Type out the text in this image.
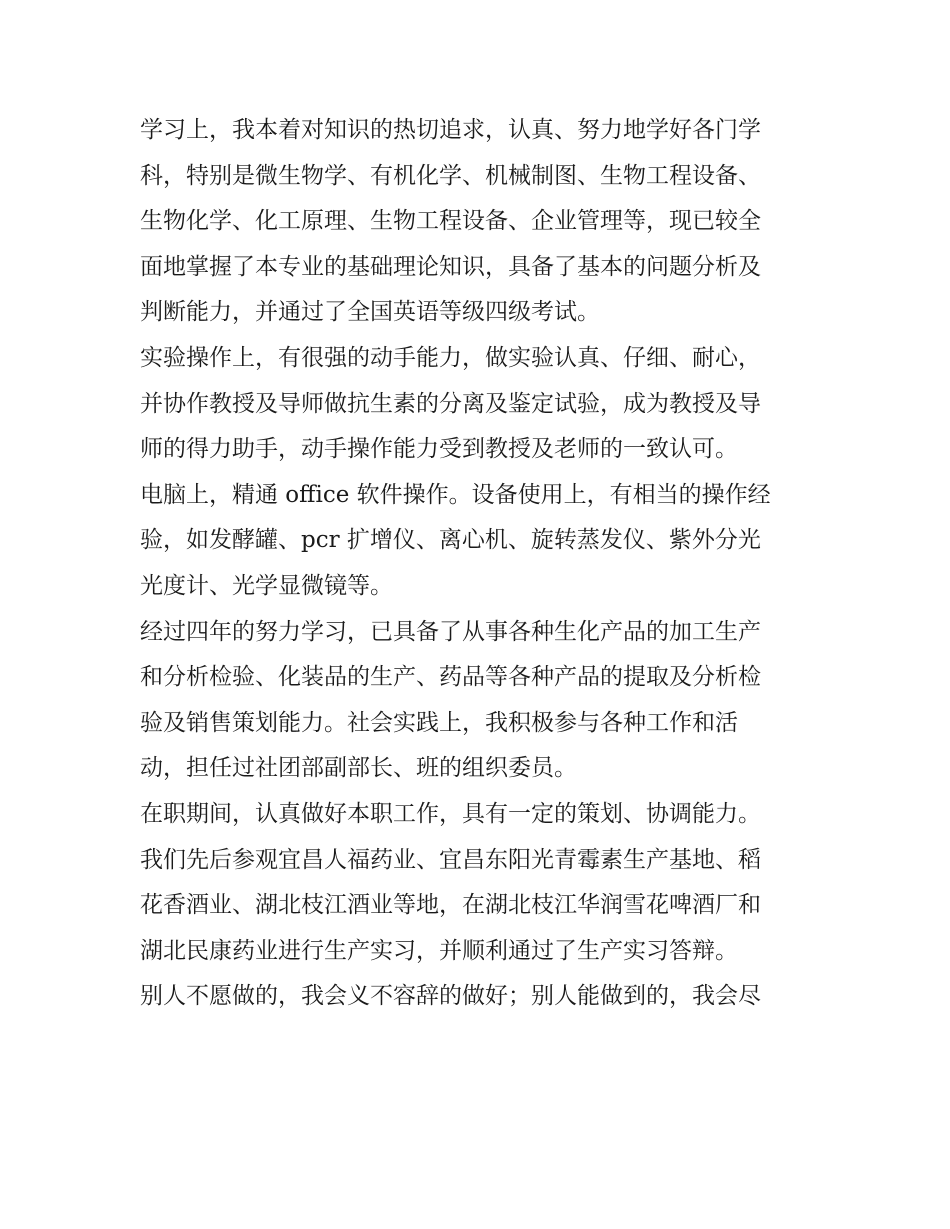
学习上，我本着对知识的热切追求，认真、努力地学好各门学
科，特别是微生物学、有机化学、机械制图、生物工程设备、
生物化学、化工原理、生物工程设备、企业管理等，现已较全
面地掌握了本专业的基础理论知识，具备了基本的问题分析及
判断能力，并通过了全国英语等级四级考试。
实验操作上，有很强的动手能力，做实验认真、仔细、耐心，
并协作教授及导师做抗生素的分离及鉴定试验，成为教授及导
师的得力助手，动手操作能力受到教授及老师的一致认可。
电脑上，精通 office 软件操作。设备使用上，有相当的操作经
验，如发酵罐、pcr 扩增仪、离心机、旋转蒸发仪、紫外分光
光度计、光学显微镜等。
经过四年的努力学习，已具备了从事各种生化产品的加工生产
和分析检验、化装品的生产、药品等各种产品的提取及分析检
验及销售策划能力。社会实践上，我积极参与各种工作和活
动，担任过社团部副部长、班的组织委员。
在职期间，认真做好本职工作，具有一定的策划、协调能力。
我们先后参观宜昌人福药业、宜昌东阳光青霉素生产基地、稻
花香酒业、湖北枝江酒业等地，在湖北枝江华润雪花啤酒厂和
湖北民康药业进行生产实习，并顺利通过了生产实习答辩。
别人不愿做的，我会义不容辞的做好；别人能做到的，我会尽
